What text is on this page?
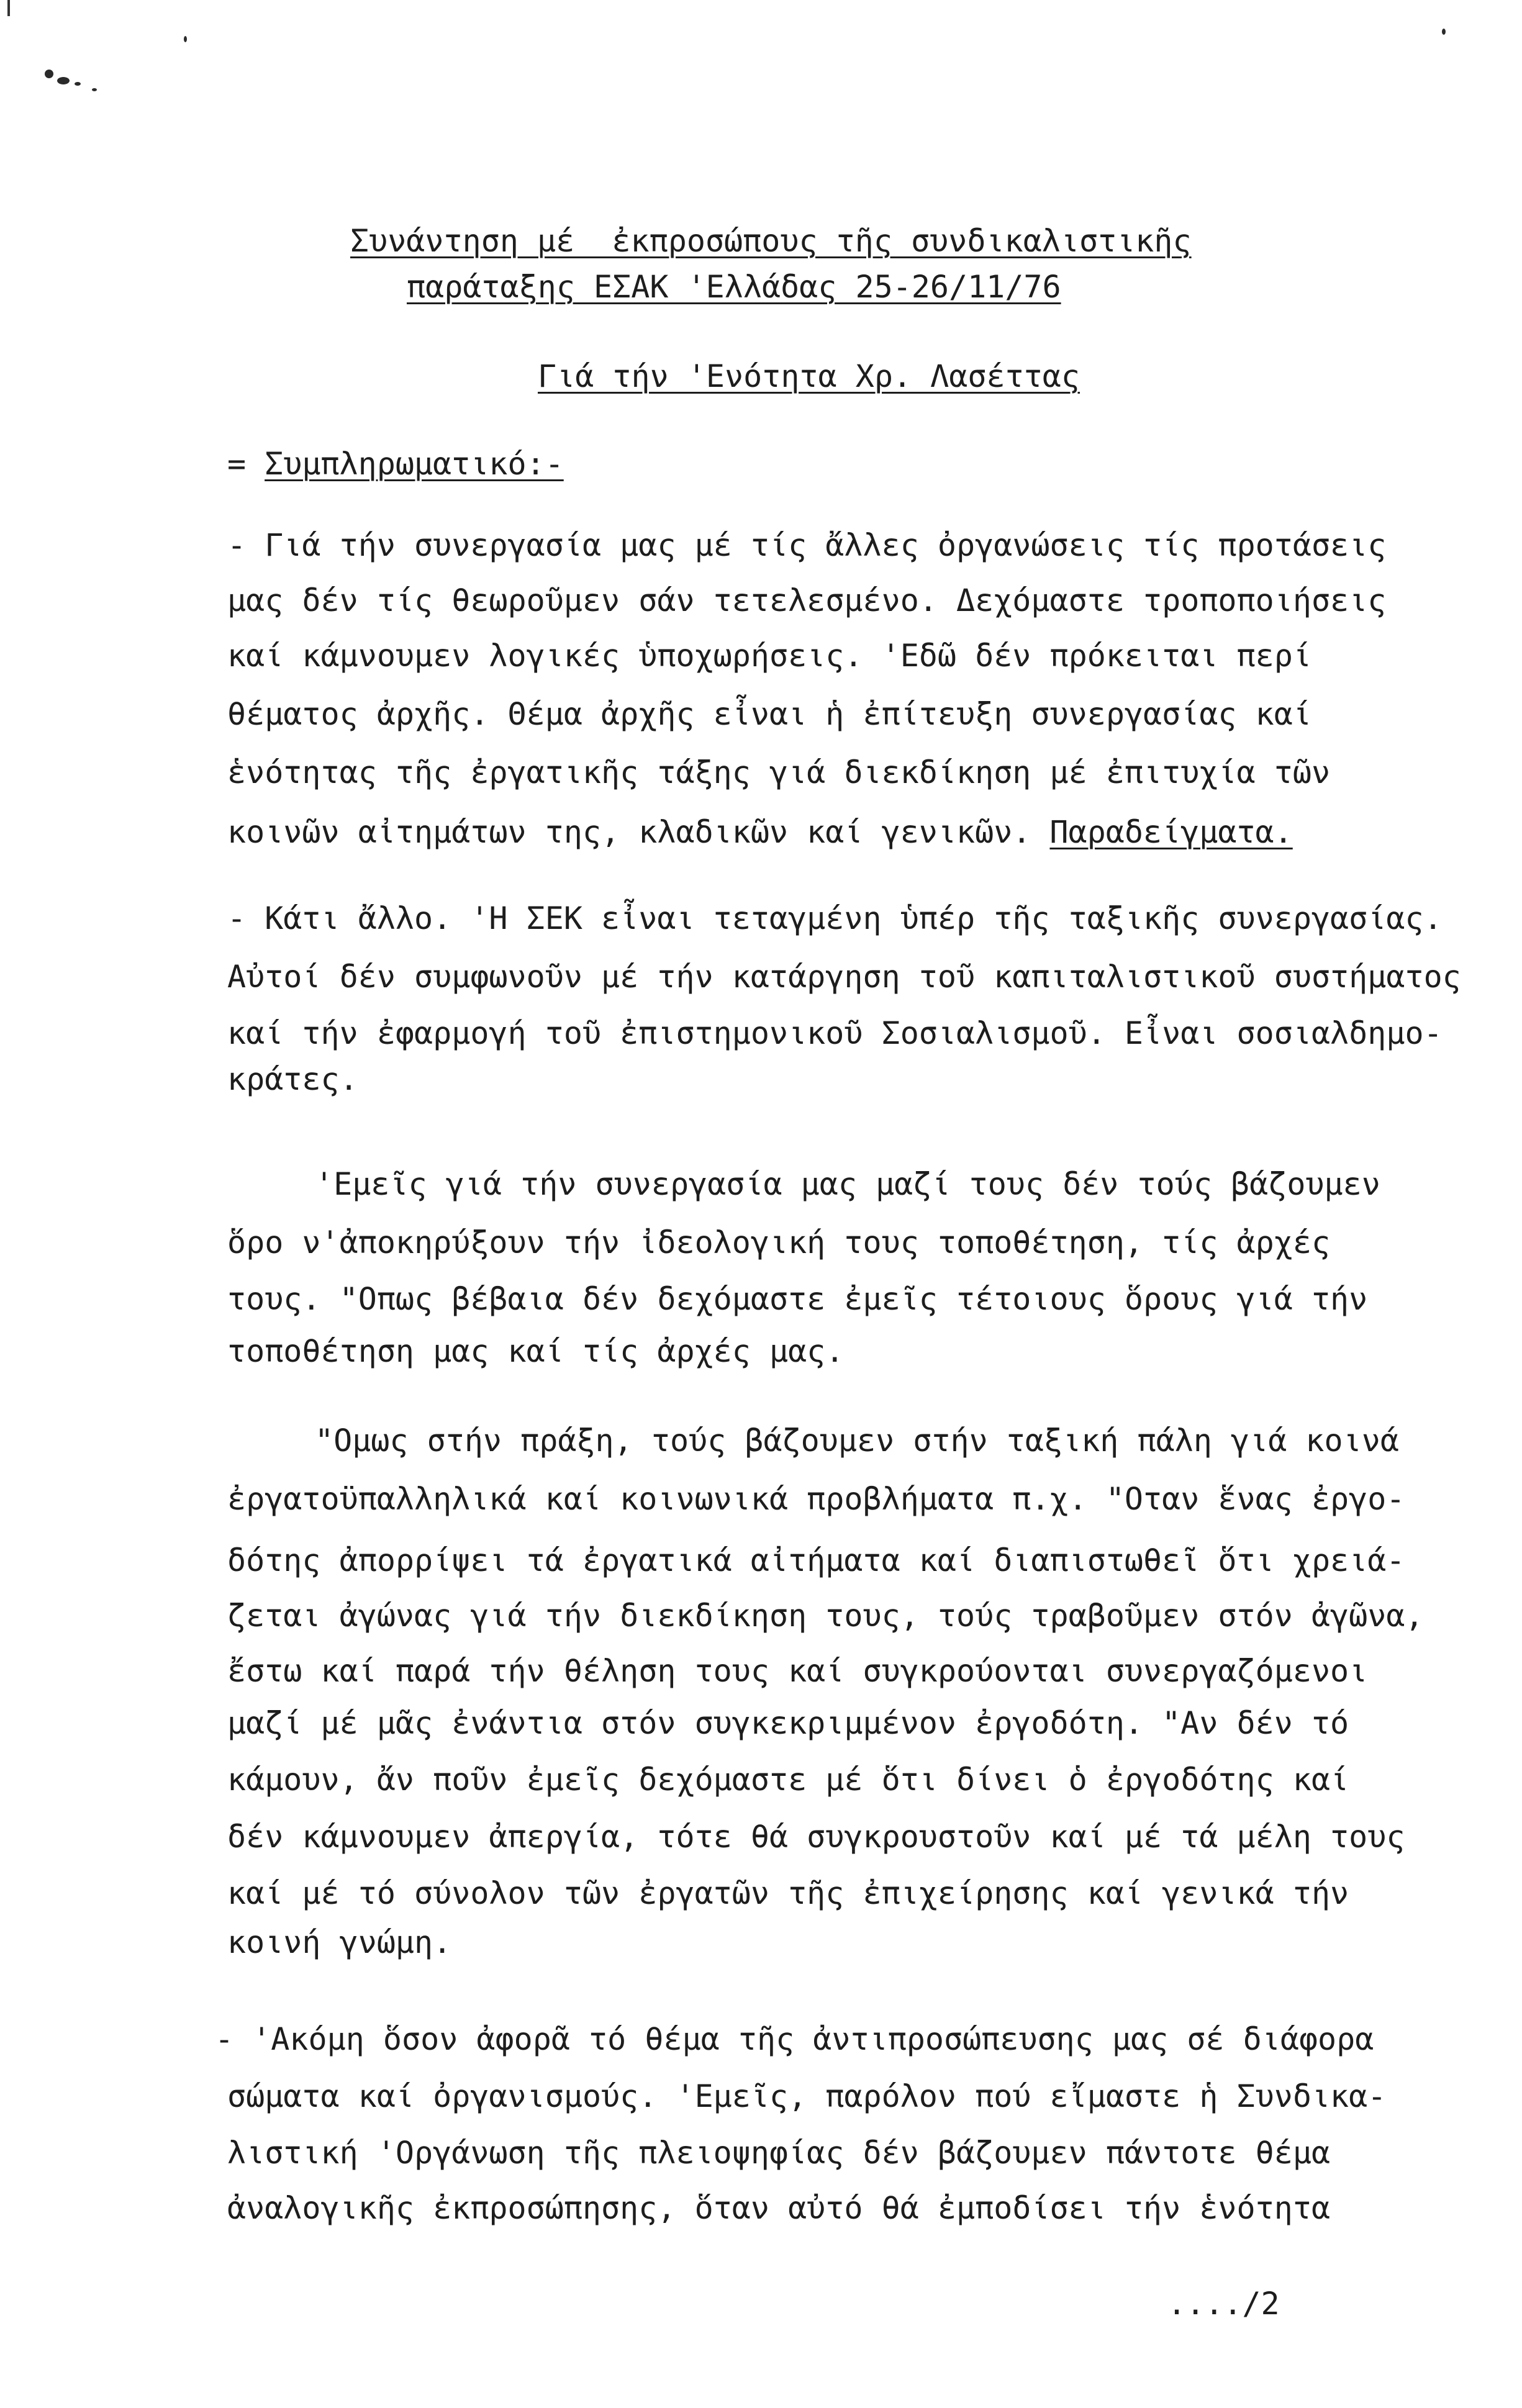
Συνάντηση μέ  ἐκπροσώπους τῆς συνδικαλιστικῆς
παράταξης ΕΣΑΚ 'Ελλάδας 25-26/11/76
Γιά τήν 'Ενότητα Χρ. Λασέττας
= Συμπληρωματικό:-
- Γιά τήν συνεργασία μας μέ τίς ἄλλες ὀργανώσεις τίς προτάσεις
μας δέν τίς θεωροῦμεν σάν τετελεσμένο. Δεχόμαστε τροποποιήσεις
καί κάμνουμεν λογικές ὑποχωρήσεις. 'Εδῶ δέν πρόκειται περί
θέματος ἀρχῆς. Θέμα ἀρχῆς εἶναι ἡ ἐπίτευξη συνεργασίας καί
ἑνότητας τῆς ἐργατικῆς τάξης γιά διεκδίκηση μέ ἐπιτυχία τῶν
κοινῶν αἰτημάτων της, κλαδικῶν καί γενικῶν. Παραδείγματα.
- Κάτι ἄλλο. 'Η ΣΕΚ εἶναι τεταγμένη ὑπέρ τῆς ταξικῆς συνεργασίας.
Αὐτοί δέν συμφωνοῦν μέ τήν κατάργηση τοῦ καπιταλιστικοῦ συστήματος
καί τήν ἐφαρμογή τοῦ ἐπιστημονικοῦ Σοσιαλισμοῦ. Εἶναι σοσιαλδημο-
κράτες.
'Εμεῖς γιά τήν συνεργασία μας μαζί τους δέν τούς βάζουμεν
ὅρο ν'ἀποκηρύξουν τήν ἰδεολογική τους τοποθέτηση, τίς ἀρχές
τους. "Οπως βέβαια δέν δεχόμαστε ἐμεῖς τέτοιους ὅρους γιά τήν
τοποθέτηση μας καί τίς ἀρχές μας.
"Ομως στήν πράξη, τούς βάζουμεν στήν ταξική πάλη γιά κοινά
ἐργατοϋπαλληλικά καί κοινωνικά προβλήματα π.χ. "Οταν ἕνας ἐργο-
δότης ἀπορρίψει τά ἐργατικά αἰτήματα καί διαπιστωθεῖ ὅτι χρειά-
ζεται ἀγώνας γιά τήν διεκδίκηση τους, τούς τραβοῦμεν στόν ἀγῶνα,
ἔστω καί παρά τήν θέληση τους καί συγκρούονται συνεργαζόμενοι
μαζί μέ μᾶς ἐνάντια στόν συγκεκριμμένον ἐργοδότη. "Αν δέν τό
κάμουν, ἄν ποῦν ἐμεῖς δεχόμαστε μέ ὅτι δίνει ὁ ἐργοδότης καί
δέν κάμνουμεν ἀπεργία, τότε θά συγκρουστοῦν καί μέ τά μέλη τους
καί μέ τό σύνολον τῶν ἐργατῶν τῆς ἐπιχείρησης καί γενικά τήν
κοινή γνώμη.
- 'Ακόμη ὅσον ἀφορᾶ τό θέμα τῆς ἀντιπροσώπευσης μας σέ διάφορα
σώματα καί ὀργανισμούς. 'Εμεῖς, παρόλον πού εἴμαστε ἡ Συνδικα-
λιστική 'Οργάνωση τῆς πλειοψηφίας δέν βάζουμεν πάντοτε θέμα
ἀναλογικῆς ἐκπροσώπησης, ὅταν αὐτό θά ἐμποδίσει τήν ἑνότητα
..../2
